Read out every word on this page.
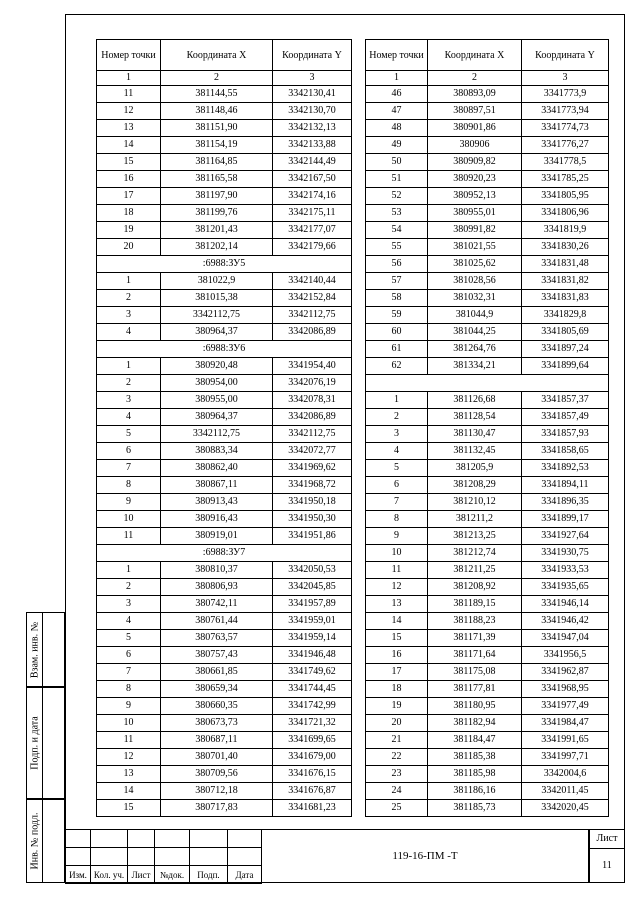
Номер точки	Координата X	Координата Y
1	2	3
11	381144,55	3342130,41
12	381148,46	3342130,70
13	381151,90	3342132,13
14	381154,19	3342133,88
15	381164,85	3342144,49
16	381165,58	3342167,50
17	381197,90	3342174,16
18	381199,76	3342175,11
19	381201,43	3342177,07
20	381202,14	3342179,66
:6988:ЗУ5		
1	381022,9	3342140,44
2	381015,38	3342152,84
3	3342112,75	3342112,75
4	380964,37	3342086,89
:6988:ЗУ6		
1	380920,48	3341954,40
2	380954,00	3342076,19
3	380955,00	3342078,31
4	380964,37	3342086,89
5	3342112,75	3342112,75
6	380883,34	3342072,77
7	380862,40	3341969,62
8	380867,11	3341968,72
9	380913,43	3341950,18
10	380916,43	3341950,30
11	380919,01	3341951,86
:6988:ЗУ7		
1	380810,37	3342050,53
2	380806,93	3342045,85
3	380742,11	3341957,89
4	380761,44	3341959,01
5	380763,57	3341959,14
6	380757,43	3341946,48
7	380661,85	3341749,62
8	380659,34	3341744,45
9	380660,35	3341742,99
10	380673,73	3341721,32
11	380687,11	3341699,65
12	380701,40	3341679,00
13	380709,56	3341676,15
14	380712,18	3341676,87
15	380717,83	3341681,23
Номер точки	Координата X	Координата Y
1	2	3
46	380893,09	3341773,9
47	380897,51	3341773,94
48	380901,86	3341774,73
49	380906	3341776,27
50	380909,82	3341778,5
51	380920,23	3341785,25
52	380952,13	3341805,95
53	380955,01	3341806,96
54	380991,82	3341819,9
55	381021,55	3341830,26
56	381025,62	3341831,48
57	381028,56	3341831,82
58	381032,31	3341831,83
59	381044,9	3341829,8
60	381044,25	3341805,69
61	381264,76	3341897,24
62	381334,21	3341899,64

1	381126,68	3341857,37
2	381128,54	3341857,49
3	381130,47	3341857,93
4	381132,45	3341858,65
5	381205,9	3341892,53
6	381208,29	3341894,11
7	381210,12	3341896,35
8	381211,2	3341899,17
9	381213,25	3341927,64
10	381212,74	3341930,75
11	381211,25	3341933,53
12	381208,92	3341935,65
13	381189,15	3341946,14
14	381188,23	3341946,42
15	381171,39	3341947,04
16	381171,64	3341956,5
17	381175,08	3341962,87
18	381177,81	3341968,95
19	381180,95	3341977,49
20	381182,94	3341984,47
21	381184,47	3341991,65
22	381185,38	3341997,71
23	381185,98	3342004,6
24	381186,16	3342011,45
25	381185,73	3342020,45
Взам. инв. №
Подп. и дата
Инв. № подл.

Изм.	Кол. уч.	Лист	№док.	Подп.	Дата
119-16-ПМ -Т
Лист
11
